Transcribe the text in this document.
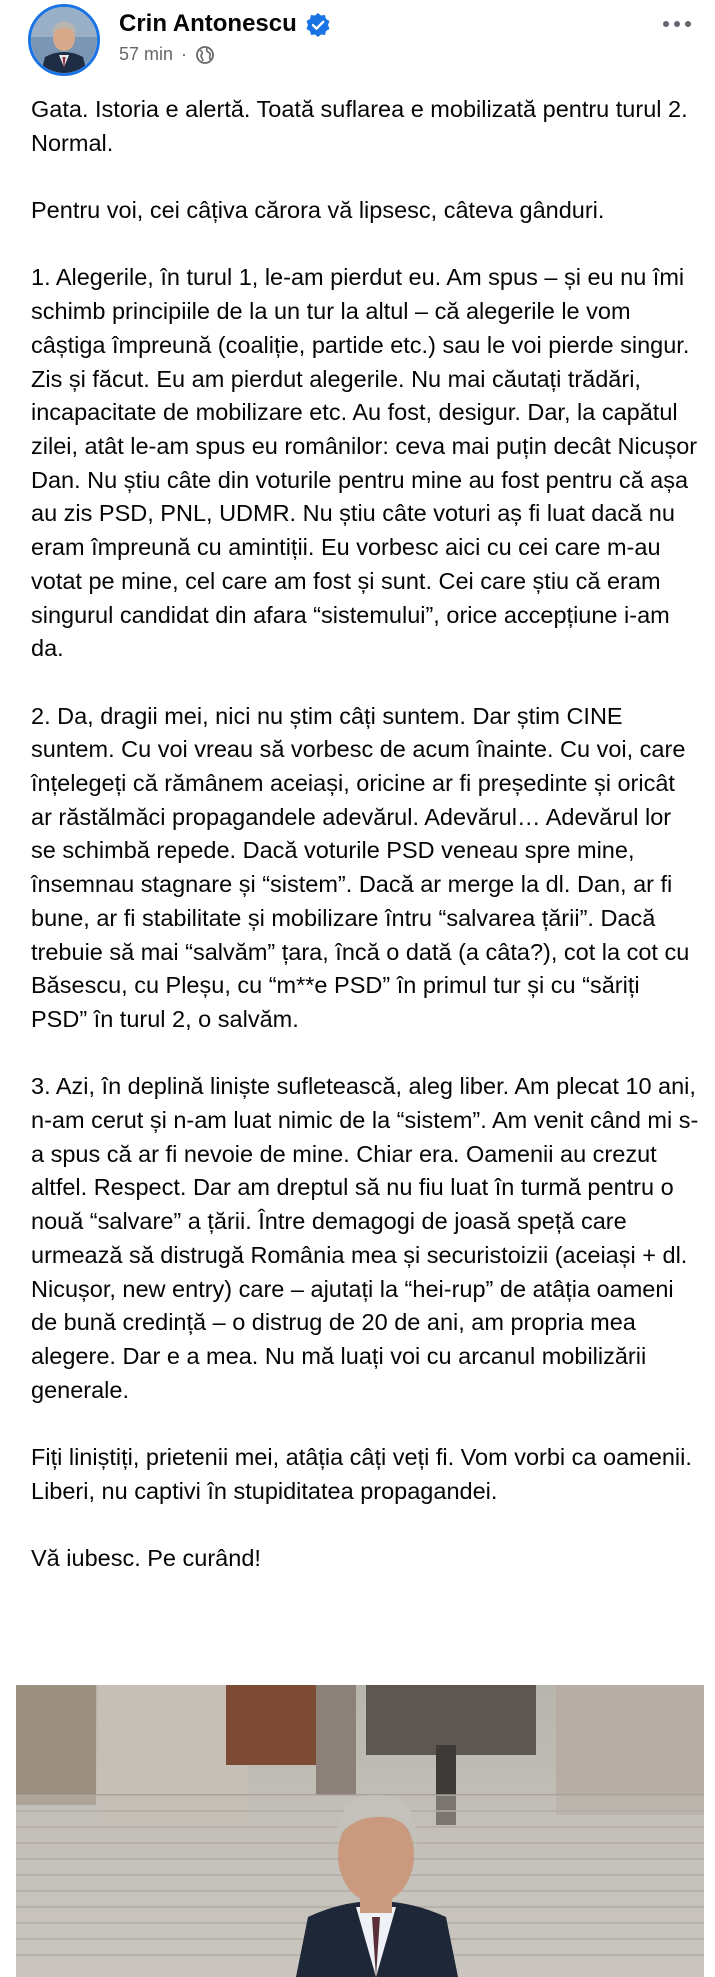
Crin Antonescu
57 min ·

Gata. Istoria e alertă. Toată suflarea e mobilizată pentru turul 2. Normal.

Pentru voi, cei câțiva cărora vă lipsesc, câteva gânduri.

1. Alegerile, în turul 1, le-am pierdut eu. Am spus – și eu nu îmi schimb principiile de la un tur la altul – că alegerile le vom câștiga împreună (coaliție, partide etc.) sau le voi pierde singur. Zis și făcut. Eu am pierdut alegerile. Nu mai căutați trădări, incapacitate de mobilizare etc. Au fost, desigur. Dar, la capătul zilei, atât le-am spus eu românilor: ceva mai puțin decât Nicușor Dan. Nu știu câte din voturile pentru mine au fost pentru că așa au zis PSD, PNL, UDMR. Nu știu câte voturi aș fi luat dacă nu eram împreună cu amintiții. Eu vorbesc aici cu cei care m-au votat pe mine, cel care am fost și sunt. Cei care știu că eram singurul candidat din afara “sistemului”, orice accepțiune i-am da.

2. Da, dragii mei, nici nu știm câți suntem. Dar știm CINE suntem. Cu voi vreau să vorbesc de acum înainte. Cu voi, care înțelegeți că rămânem aceiași, oricine ar fi președinte și oricât ar răstălmăci propagandele adevărul. Adevărul… Adevărul lor se schimbă repede. Dacă voturile PSD veneau spre mine, însemnau stagnare și “sistem”. Dacă ar merge la dl. Dan, ar fi bune, ar fi stabilitate și mobilizare întru “salvarea țării”. Dacă trebuie să mai “salvăm” țara, încă o dată (a câta?), cot la cot cu Băsescu, cu Pleșu, cu “m**e PSD” în primul tur și cu “săriți PSD” în turul 2, o salvăm.

3. Azi, în deplină liniște sufletească, aleg liber. Am plecat 10 ani, n-am cerut și n-am luat nimic de la “sistem”. Am venit când mi s-a spus că ar fi nevoie de mine. Chiar era. Oamenii au crezut altfel. Respect. Dar am dreptul să nu fiu luat în turmă pentru o nouă “salvare” a țării. Între demagogi de joasă speță care urmează să distrugă România mea și securistoizii (aceiași + dl. Nicușor, new entry) care – ajutați la “hei-rup” de atâția oameni de bună credință – o distrug de 20 de ani, am propria mea alegere. Dar e a mea. Nu mă luați voi cu arcanul mobilizării generale.

Fiți liniștiți, prietenii mei, atâția câți veți fi. Vom vorbi ca oamenii. Liberi, nu captivi în stupiditatea propagandei.

Vă iubesc. Pe curând!
